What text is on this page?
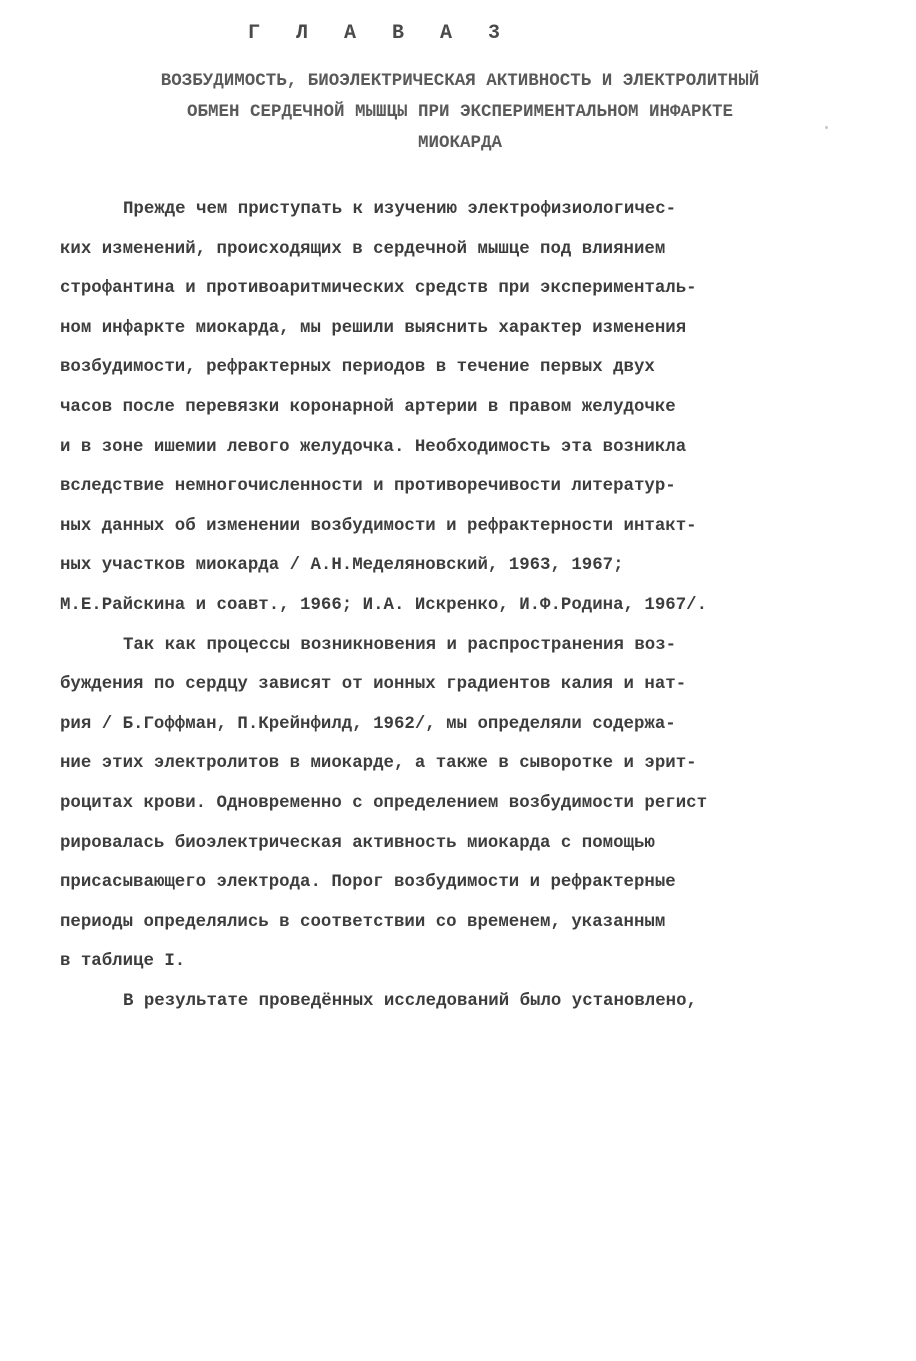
Г Л А В А 3
ВОЗБУДИМОСТЬ, БИОЭЛЕКТРИЧЕСКАЯ АКТИВНОСТЬ И ЭЛЕКТРОЛИТНЫЙ
ОБМЕН СЕРДЕЧНОЙ МЫШЦЫ ПРИ ЭКСПЕРИМЕНТАЛЬНОМ ИНФАРКТЕ
МИОКАРДА
Прежде чем приступать к изучению электрофизиологичес-
ких изменений, происходящих в сердечной мышце под влиянием
строфантина и противоаритмических средств при эксперименталь-
ном инфаркте миокарда, мы решили выяснить характер изменения
возбудимости, рефрактерных периодов в течение первых двух
часов после перевязки коронарной артерии в правом желудочке
и в зоне ишемии левого желудочка. Необходимость эта возникла
вследствие немногочисленности и противоречивости литератур-
ных данных об изменении возбудимости и рефрактерности интакт-
ных участков миокарда / А.Н.Меделяновский, 1963, 1967;
М.Е.Райскина и соавт., 1966; И.А. Искренко, И.Ф.Родина, 1967/.
Так как процессы возникновения и распространения воз-
буждения по сердцу зависят от ионных градиентов калия и нат-
рия / Б.Гоффман, П.Крейнфилд, 1962/, мы определяли содержа-
ние этих электролитов в миокарде, а также в сыворотке и эрит-
роцитах крови. Одновременно с определением возбудимости регист
рировалась биоэлектрическая активность миокарда с помощью
присасывающего электрода. Порог возбудимости и рефрактерные
периоды определялись в соответствии со временем, указанным
в таблице I.
В результате проведённых исследований было установлено,
